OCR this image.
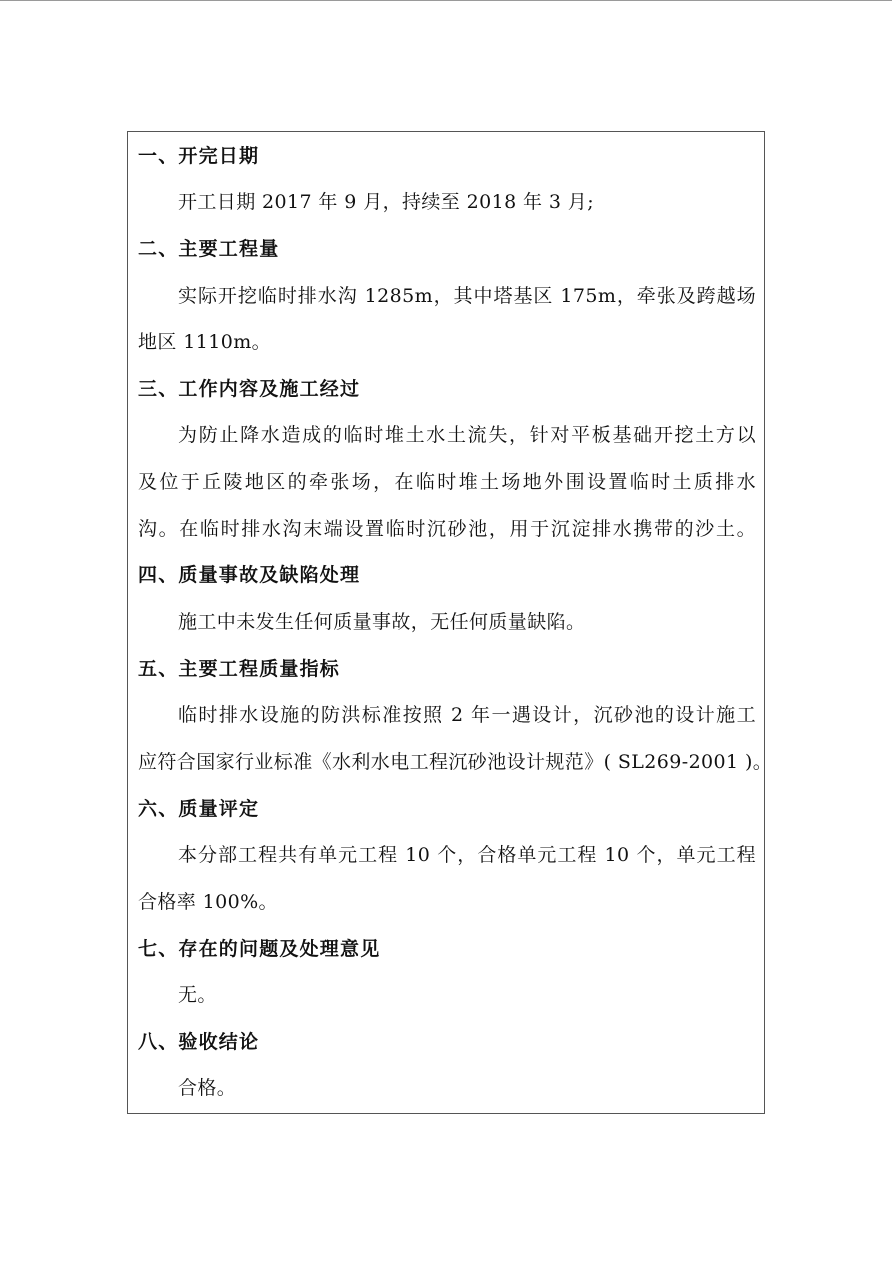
一、开完日期
开工日期 2017 年 9 月，持续至 2018 年 3 月;
二、主要工程量
实际开挖临时排水沟 1285m，其中塔基区 175m，牵张及跨越场
地区 1110m。
三、工作内容及施工经过
为防止降水造成的临时堆土水土流失，针对平板基础开挖土方以
及位于丘陵地区的牵张场，在临时堆土场地外围设置临时土质排水
沟。在临时排水沟末端设置临时沉砂池，用于沉淀排水携带的沙土。
四、质量事故及缺陷处理
施工中未发生任何质量事故，无任何质量缺陷。
五、主要工程质量指标
临时排水设施的防洪标准按照 2 年一遇设计，沉砂池的设计施工
应符合国家行业标准《水利水电工程沉砂池设计规范》( SL269-2001 )。
六、质量评定
本分部工程共有单元工程 10 个，合格单元工程 10 个，单元工程
合格率 100%。
七、存在的问题及处理意见
无。
八、验收结论
合格。
